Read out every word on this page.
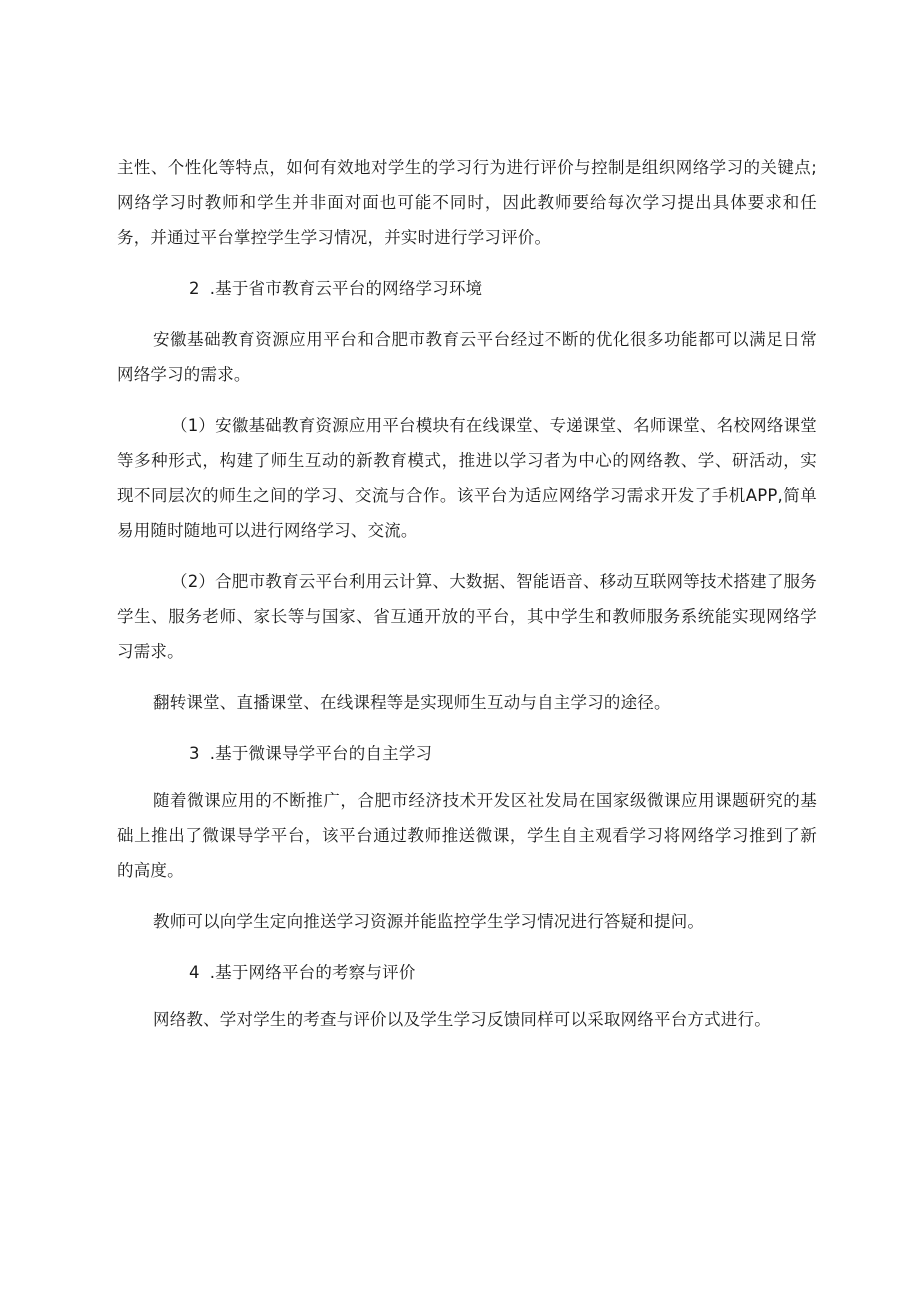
主性、个性化等特点，如何有效地对学生的学习行为进行评价与控制是组织网络学习的关键点;网络学习时教师和学生并非面对面也可能不同时，因此教师要给每次学习提出具体要求和任务，并通过平台掌控学生学习情况，并实时进行学习评价。

2 .基于省市教育云平台的网络学习环境

安徽基础教育资源应用平台和合肥市教育云平台经过不断的优化很多功能都可以满足日常网络学习的需求。

（1）安徽基础教育资源应用平台模块有在线课堂、专递课堂、名师课堂、名校网络课堂等多种形式，构建了师生互动的新教育模式，推进以学习者为中心的网络教、学、研活动，实现不同层次的师生之间的学习、交流与合作。该平台为适应网络学习需求开发了手机APP,简单易用随时随地可以进行网络学习、交流。

（2）合肥市教育云平台利用云计算、大数据、智能语音、移动互联网等技术搭建了服务学生、服务老师、家长等与国家、省互通开放的平台，其中学生和教师服务系统能实现网络学习需求。

翻转课堂、直播课堂、在线课程等是实现师生互动与自主学习的途径。

3 .基于微课导学平台的自主学习

随着微课应用的不断推广，合肥市经济技术开发区社发局在国家级微课应用课题研究的基础上推出了微课导学平台，该平台通过教师推送微课，学生自主观看学习将网络学习推到了新的高度。

教师可以向学生定向推送学习资源并能监控学生学习情况进行答疑和提问。

4 .基于网络平台的考察与评价

网络教、学对学生的考查与评价以及学生学习反馈同样可以采取网络平台方式进行。
